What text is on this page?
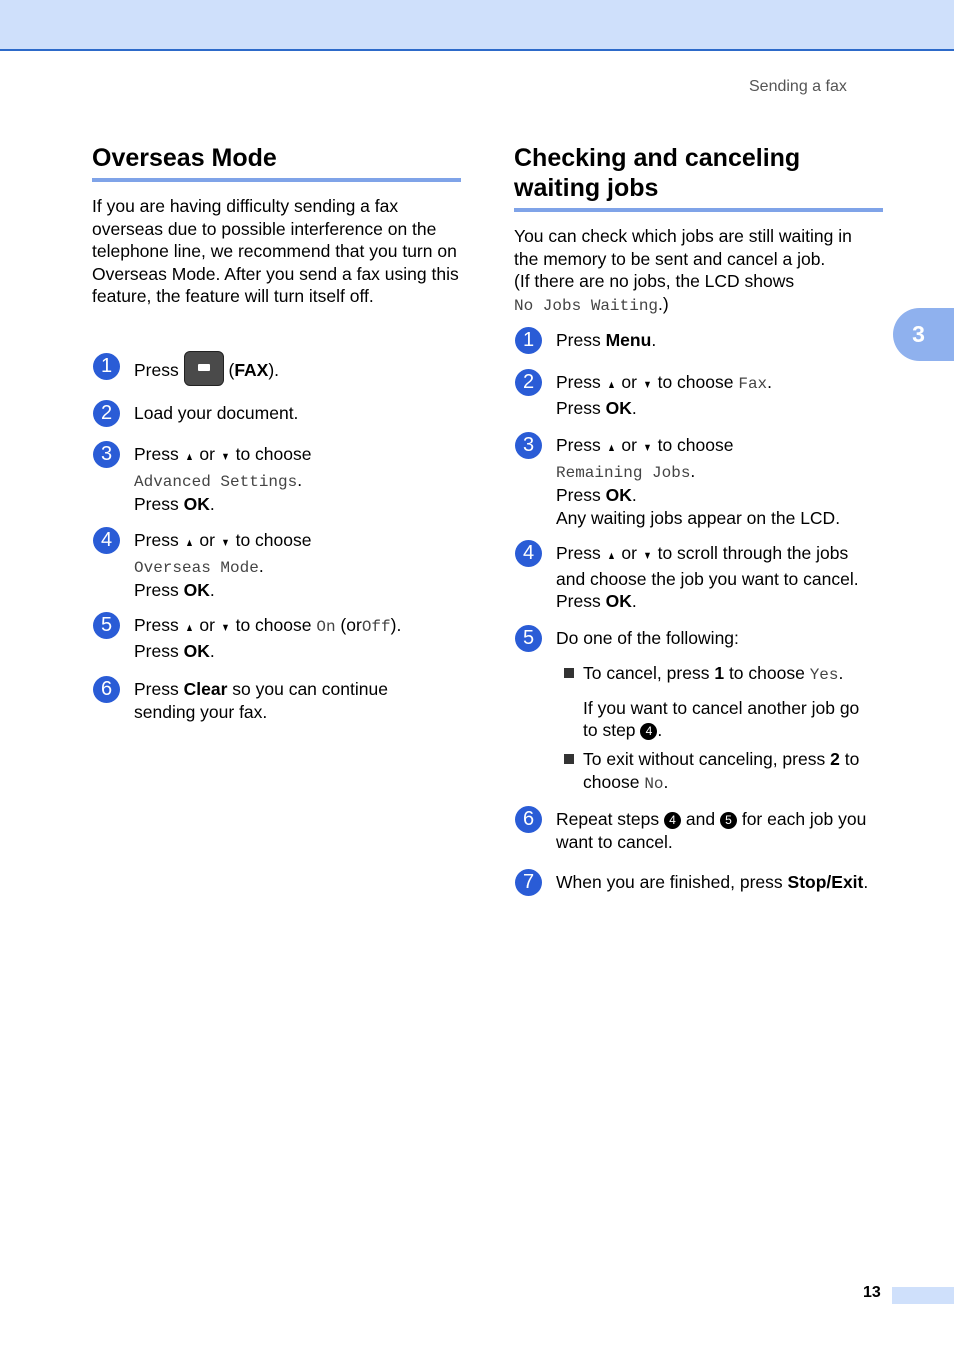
Sending a fax
Overseas Mode

If you are having difficulty sending a fax overseas due to possible interference on the telephone line, we recommend that you turn on Overseas Mode. After you send a fax using this feature, the feature will turn itself off.

1	Press	(FAX).
2	Load your document.
3	Press ▲ or ▼ to choose
Advanced Settings.
Press OK.
4	Press ▲ or ▼ to choose
Overseas Mode.
Press OK.
5	Press ▲ or ▼ to choose On (orOff).
Press OK.
6	Press Clear so you can continue
sending your fax.
Checking and canceling
waiting jobs
You can check which jobs are still waiting in
the memory to be sent and cancel a job.
(If there are no jobs, the LCD shows
No Jobs Waiting.)
1	Press Menu.
2	Press ▲ or ▼ to choose Fax.
Press OK.
3	Press ▲ or ▼ to choose
Remaining Jobs.
Press OK.
Any waiting jobs appear on the LCD.
4	Press ▲ or ▼ to scroll through the jobs
and choose the job you want to cancel.
Press OK.
5	Do one of the following:
To cancel, press 1 to choose Yes.
If you want to cancel another job go
to step 4 .
To exit without canceling, press 2 to
choose No.
6	Repeat steps 4 and 5 for each job you
want to cancel.
7	When you are finished, press Stop/Exit.
3
13
